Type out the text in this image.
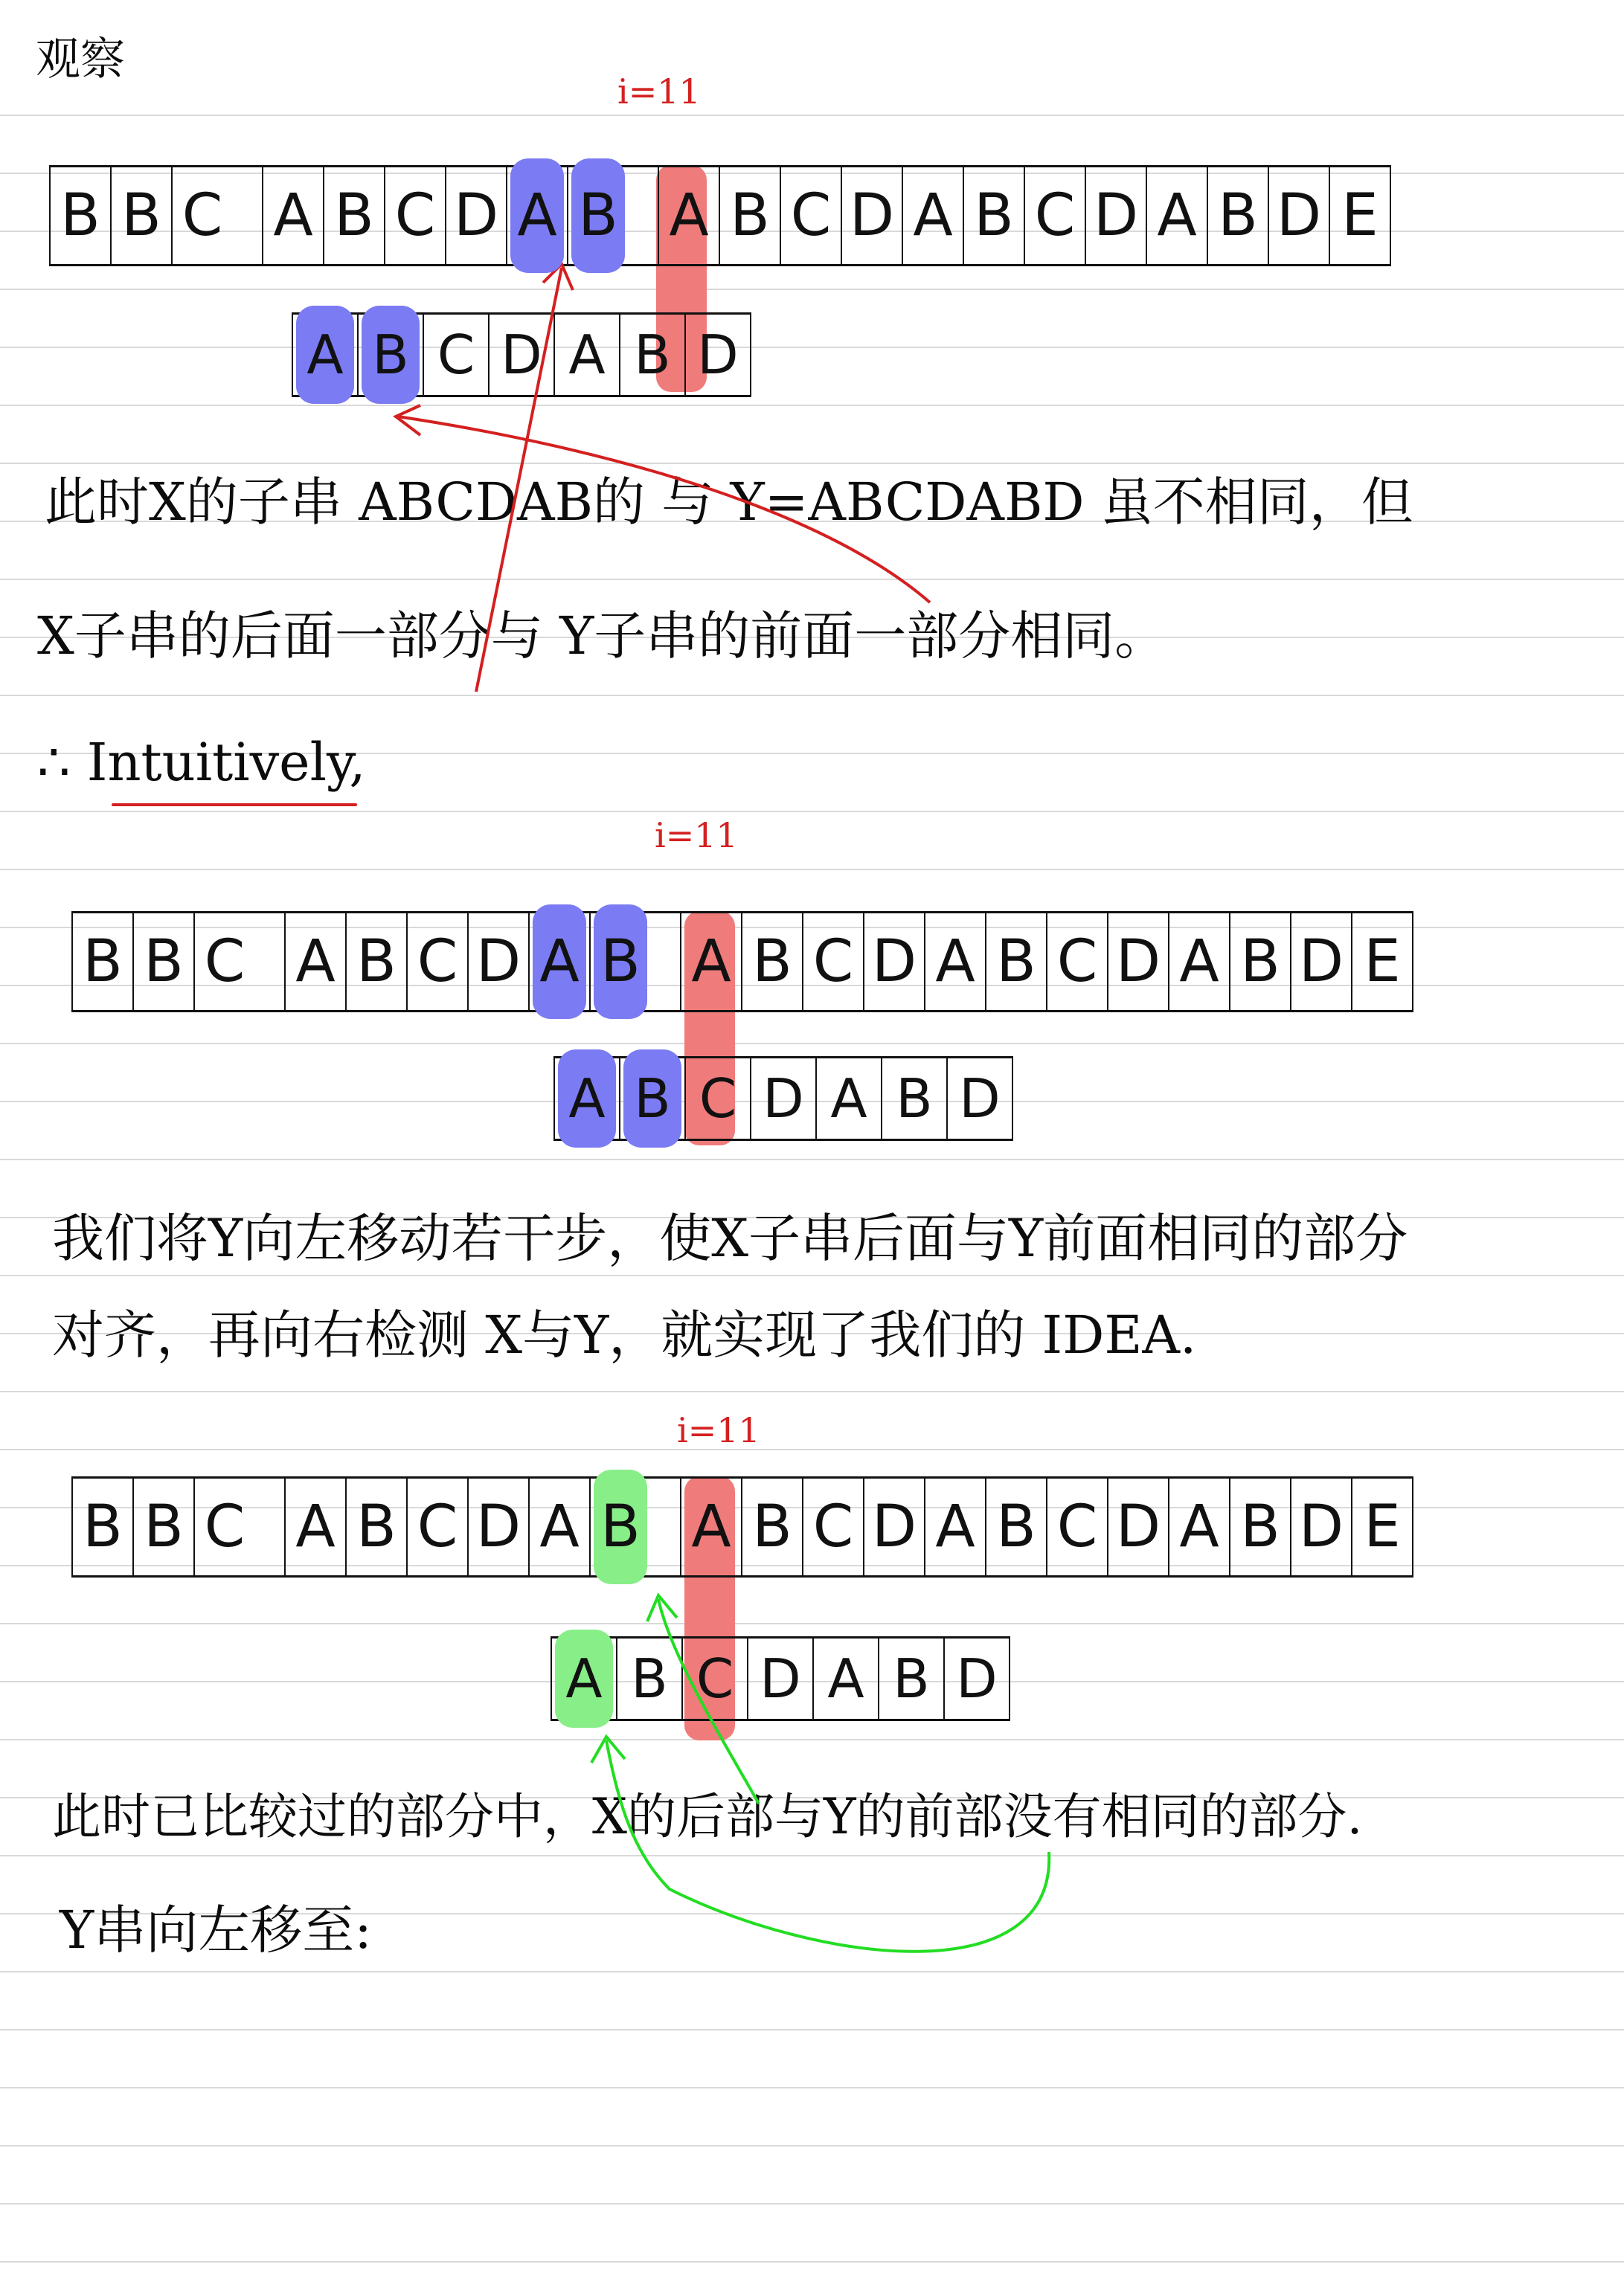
观察
i=11
B B C A B C D A B A B C D A B C D A B D E
A B C D A B D
此时X的子串 ABCDAB的 与 Y=ABCDABD 虽不相同，但
X子串的后面一部分与 Y子串的前面一部分相同。
∴ Intuitively,
i=11
B B C A B C D A B A B C D A B C D A B D E
A B C D A B D
我们将Y向左移动若干步，使X子串后面与Y前面相同的部分
对齐，再向右检测 X与Y，就实现了我们的 IDEA.
i=11
B B C A B C D A B A B C D A B C D A B D E
A B C D A B D
此时已比较过的部分中，X的后部与Y的前部没有相同的部分.
Y串向左移至:
